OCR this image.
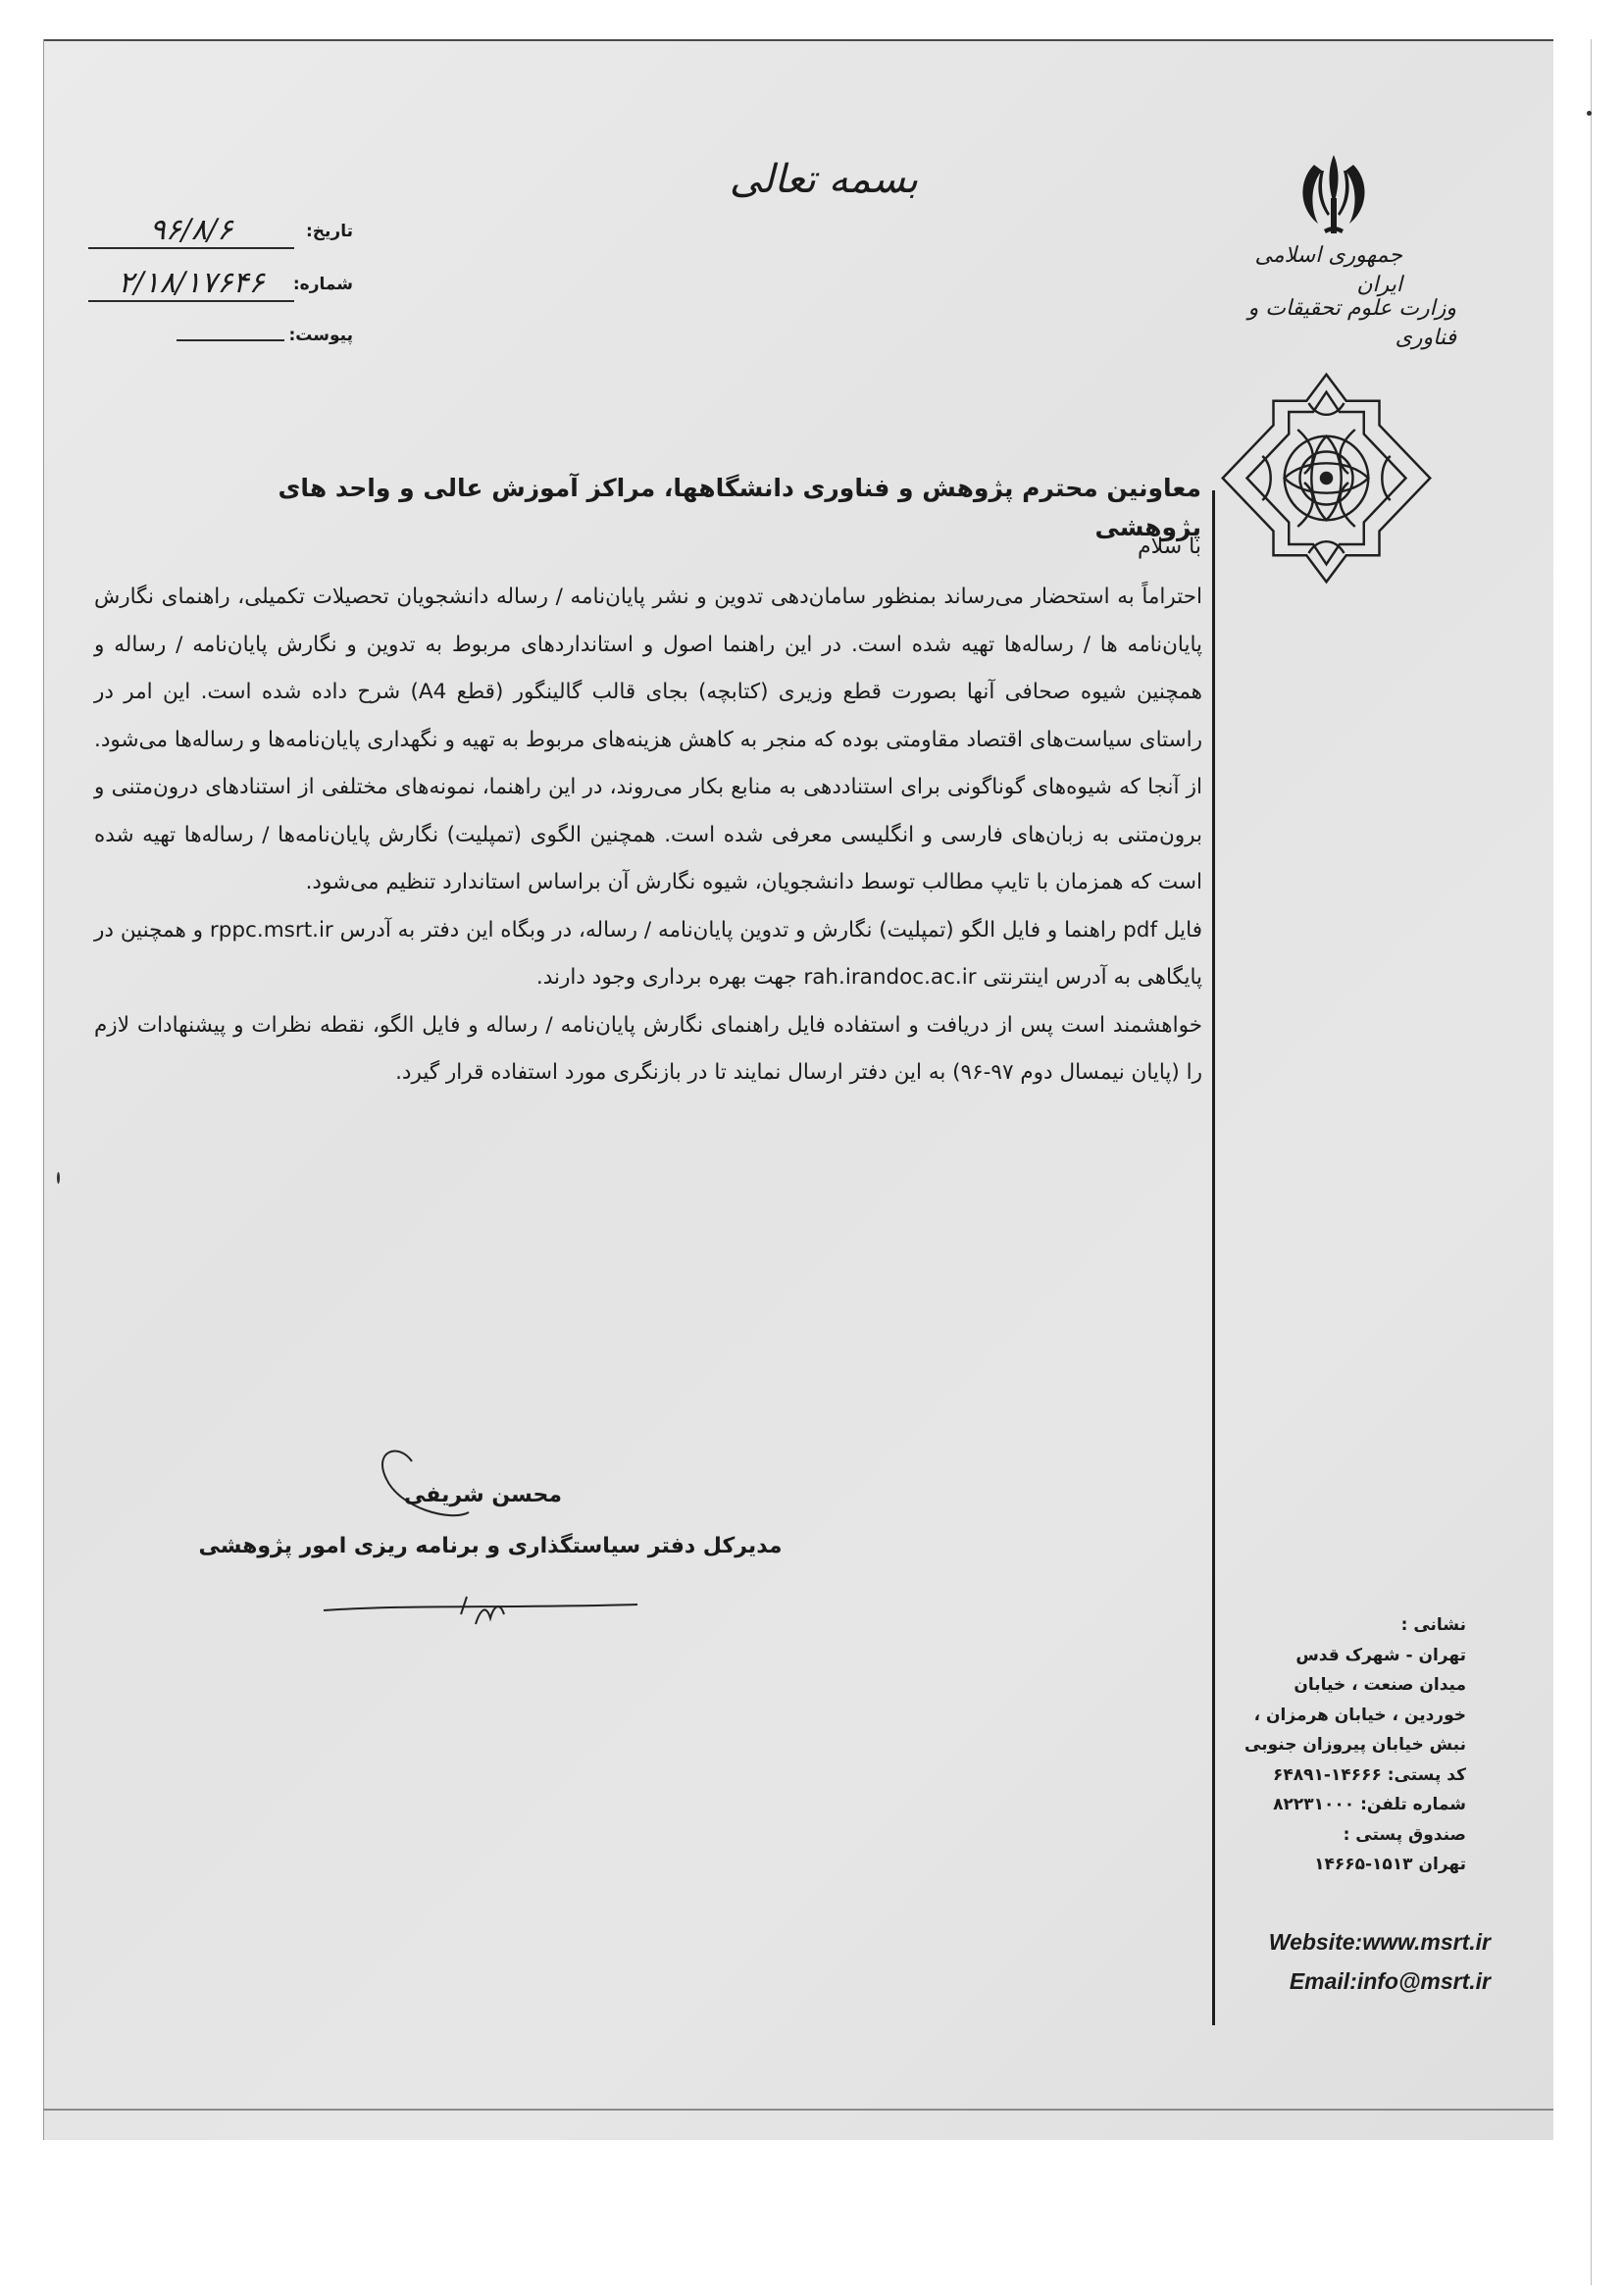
بسمه تعالی
تاریخ:
۹۶/۸/۶
شماره:
۲/۱۸/۱۷۶۴۶
پیوست:
جمهوری اسلامی ایران
وزارت علوم تحقیقات و فناوری
معاونین محترم پژوهش و فناوری دانشگاهها، مراکز آموزش عالی و واحد های پژوهشی
با سلام

احتراماً به استحضار می‌رساند بمنظور سامان‌دهی تدوین و نشر پایان‌نامه / رساله دانشجویان تحصیلات تکمیلی، راهنمای نگارش پایان‌نامه ها / رساله‌ها تهیه شده است. در این راهنما اصول و استانداردهای مربوط به تدوین و نگارش پایان‌نامه / رساله و همچنین شیوه صحافی آنها بصورت قطع وزیری (کتابچه) بجای قالب گالینگور (قطع A4) شرح داده شده است. این امر در راستای سیاست‌های اقتصاد مقاومتی بوده که منجر به کاهش هزینه‌های مربوط به تهیه و نگهداری پایان‌نامه‌ها و رساله‌ها می‌شود. از آنجا که شیوه‌های گوناگونی برای استناددهی به منابع بکار می‌روند، در این راهنما، نمونه‌های مختلفی از استنادهای درون‌متنی و برون‌متنی به زبان‌های فارسی و انگلیسی معرفی شده است. همچنین الگوی (تمپلیت) نگارش پایان‌نامه‌ها / رساله‌ها تهیه شده است که همزمان با تایپ مطالب توسط دانشجویان، شیوه نگارش آن براساس استاندارد تنظیم می‌شود.

فایل pdf راهنما و فایل الگو (تمپلیت) نگارش و تدوین پایان‌نامه / رساله، در وبگاه این دفتر به آدرس rppc.msrt.ir و همچنین در پایگاهی به آدرس اینترنتی rah.irandoc.ac.ir جهت بهره برداری وجود دارند.

خواهشمند است پس از دریافت و استفاده فایل راهنمای نگارش پایان‌نامه / رساله و فایل الگو، نقطه نظرات و پیشنهادات لازم را (پایان نیمسال دوم ۹۷-۹۶) به این دفتر ارسال نمایند تا در بازنگری مورد استفاده قرار گیرد.

محسن شریفی
مدیرکل دفتر سیاستگذاری و برنامه ریزی امور پژوهشی
نشانی :
تهران - شهرک قدس
میدان صنعت ، خیابان
خوردین ، خیابان هرمزان ،
نبش خیابان پیروزان جنوبی
کد پستی: ۱۴۶۶۶-۶۴۸۹۱
شماره تلفن: ۸۲۲۳۱۰۰۰
صندوق پستی :
تهران ۱۵۱۳-۱۴۶۶۵
Website:www.msrt.ir
Email:info@msrt.ir
